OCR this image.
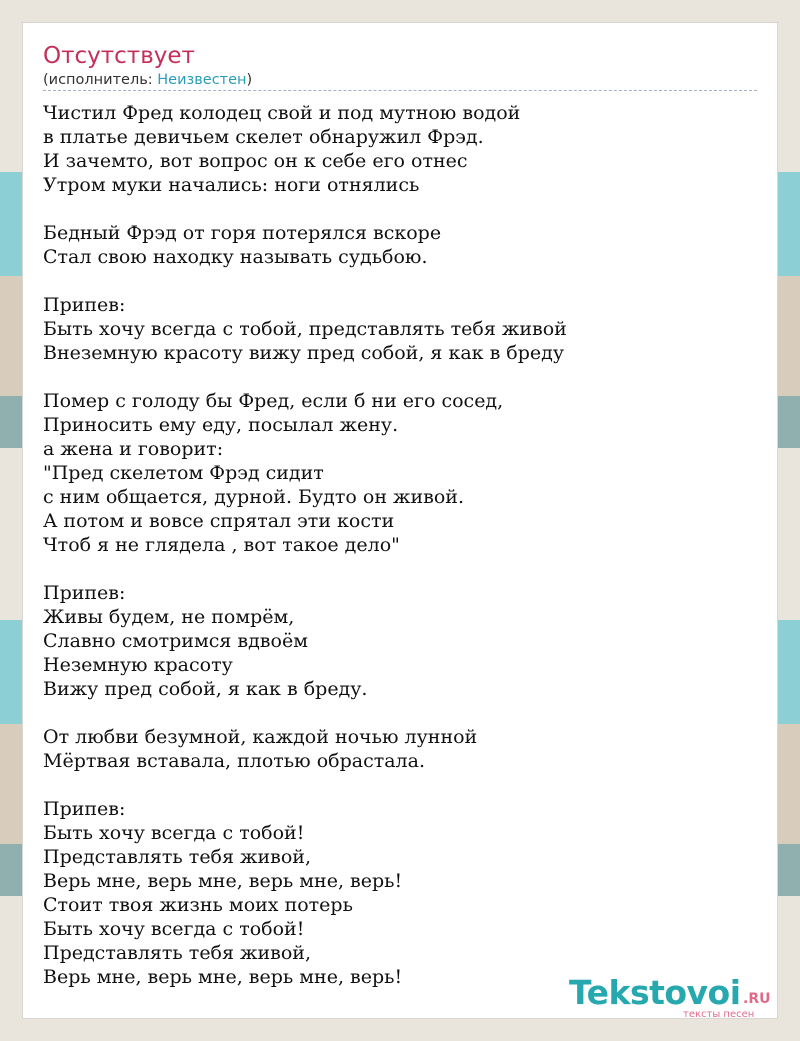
Отсутствует
(исполнитель: Неизвестен)
Чистил Фред колодец свой и под мутною водой
в платье девичьем скелет обнаружил Фрэд.
И зачемто, вот вопрос он к себе его отнес
Утром муки начались: ноги отнялись
Бедный Фрэд от горя потерялся вскоре
Стал свою находку называть судьбою.
Припев:
Быть хочу всегда с тобой, представлять тебя живой
Внеземную красоту вижу пред собой, я как в бреду
Помер с голоду бы Фред, если б ни его сосед,
Приносить ему еду, посылал жену.
а жена и говорит:
"Пред скелетом Фрэд сидит
с ним общается, дурной. Будто он живой.
А потом и вовсе спрятал эти кости
Чтоб я не глядела , вот такое дело"
Припев:
Живы будем, не помрём,
Славно смотримся вдвоём
Неземную красоту
Вижу пред собой, я как в бреду.
От любви безумной, каждой ночью лунной
Мёртвая вставала, плотью обрастала.
Припев:
Быть хочу всегда с тобой!
Представлять тебя живой,
Верь мне, верь мне, верь мне, верь!
Стоит твоя жизнь моих потерь
Быть хочу всегда с тобой!
Представлять тебя живой,
Верь мне, верь мне, верь мне, верь!	Tekstovoi .RU
тексты песен
